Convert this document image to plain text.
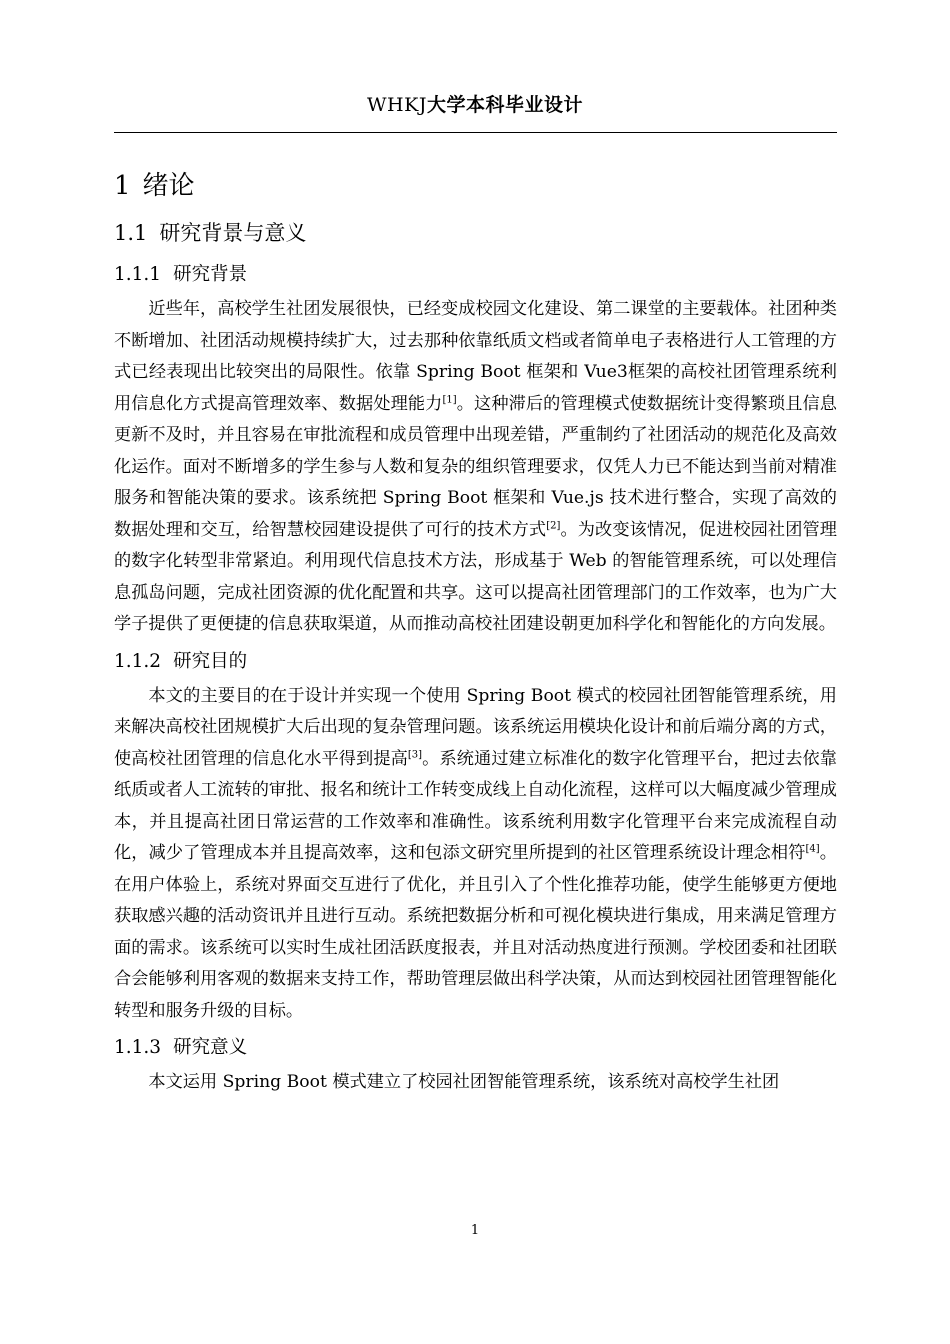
WHKJ大学本科毕业设计
1 绪论
1.1 研究背景与意义
1.1.1 研究背景

近些年，高校学生社团发展很快，已经变成校园文化建设、第二课堂的主要载体。社团种类不断增加、社团活动规模持续扩大，过去那种依靠纸质文档或者简单电子表格进行人工管理的方式已经表现出比较突出的局限性。依靠 Spring Boot 框架和 Vue3框架的高校社团管理系统利用信息化方式提高管理效率、数据处理能力[1]。这种滞后的管理模式使数据统计变得繁琐且信息更新不及时，并且容易在审批流程和成员管理中出现差错，严重制约了社团活动的规范化及高效化运作。面对不断增多的学生参与人数和复杂的组织管理要求，仅凭人力已不能达到当前对精准服务和智能决策的要求。该系统把 Spring Boot 框架和 Vue.js 技术进行整合，实现了高效的数据处理和交互，给智慧校园建设提供了可行的技术方式[2]。为改变该情况，促进校园社团管理的数字化转型非常紧迫。利用现代信息技术方法，形成基于 Web 的智能管理系统，可以处理信息孤岛问题，完成社团资源的优化配置和共享。这可以提高社团管理部门的工作效率，也为广大学子提供了更便捷的信息获取渠道，从而推动高校社团建设朝更加科学化和智能化的方向发展。

1.1.2 研究目的

本文的主要目的在于设计并实现一个使用 Spring Boot 模式的校园社团智能管理系统，用来解决高校社团规模扩大后出现的复杂管理问题。该系统运用模块化设计和前后端分离的方式，使高校社团管理的信息化水平得到提高[3]。系统通过建立标准化的数字化管理平台，把过去依靠纸质或者人工流转的审批、报名和统计工作转变成线上自动化流程，这样可以大幅度减少管理成本，并且提高社团日常运营的工作效率和准确性。该系统利用数字化管理平台来完成流程自动化，减少了管理成本并且提高效率，这和包添文研究里所提到的社区管理系统设计理念相符[4]。在用户体验上，系统对界面交互进行了优化，并且引入了个性化推荐功能，使学生能够更方便地获取感兴趣的活动资讯并且进行互动。系统把数据分析和可视化模块进行集成，用来满足管理方面的需求。该系统可以实时生成社团活跃度报表，并且对活动热度进行预测。学校团委和社团联合会能够利用客观的数据来支持工作，帮助管理层做出科学决策，从而达到校园社团管理智能化转型和服务升级的目标。

1.1.3 研究意义

本文运用 Spring Boot 模式建立了校园社团智能管理系统，该系统对高校学生社团

1
